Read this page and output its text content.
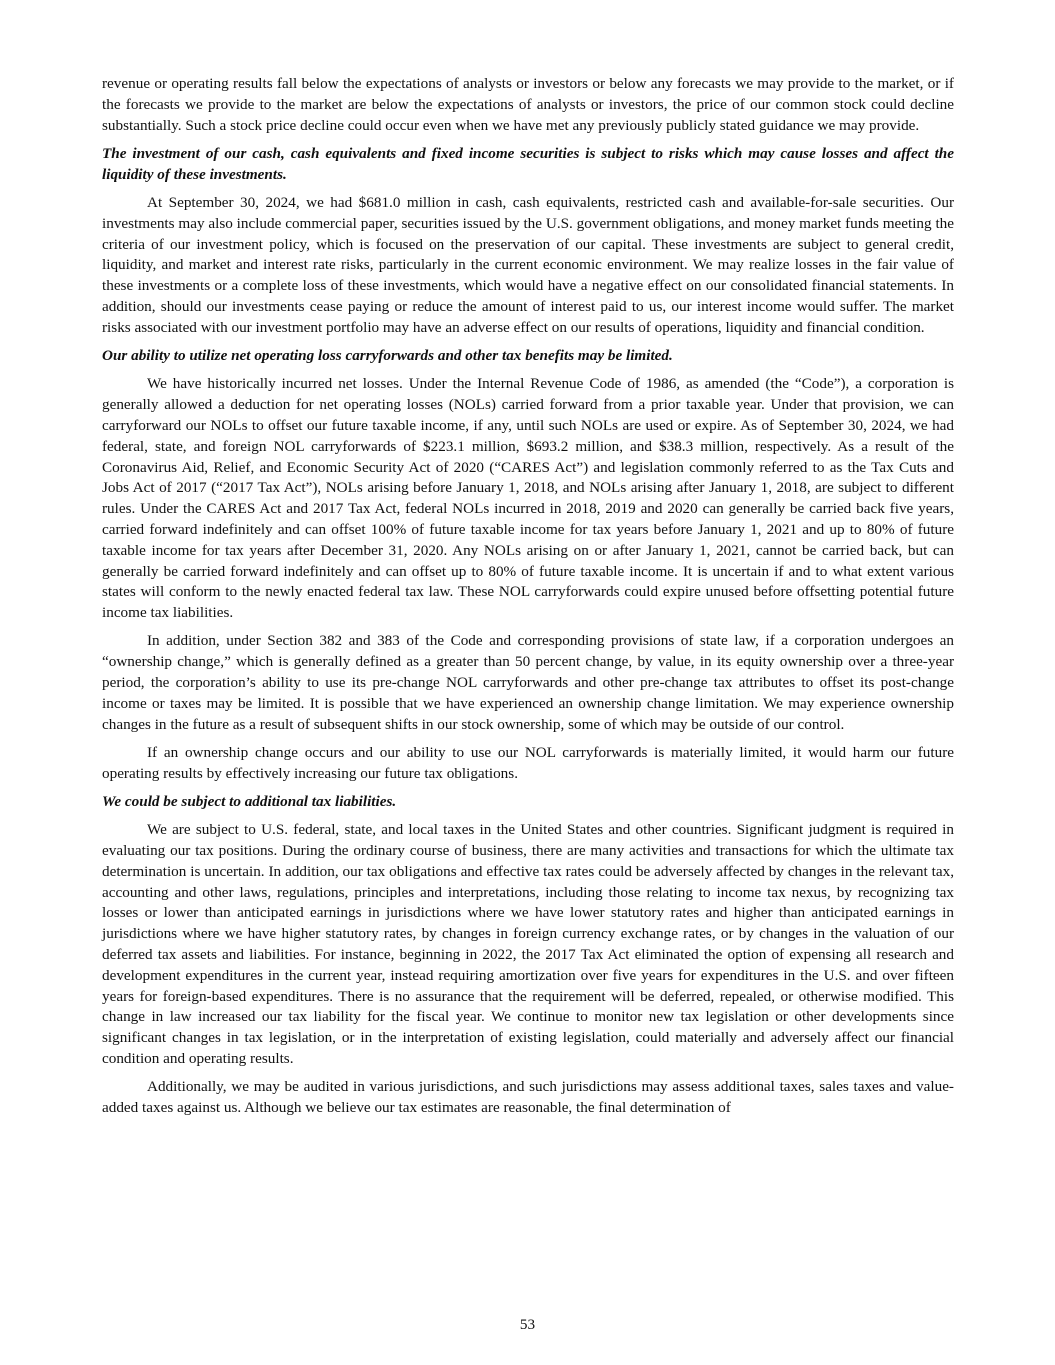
revenue or operating results fall below the expectations of analysts or investors or below any forecasts we may provide to the market, or if the forecasts we provide to the market are below the expectations of analysts or investors, the price of our common stock could decline substantially. Such a stock price decline could occur even when we have met any previously publicly stated guidance we may provide.

The investment of our cash, cash equivalents and fixed income securities is subject to risks which may cause losses and affect the liquidity of these investments.

At September 30, 2024, we had $681.0 million in cash, cash equivalents, restricted cash and available-for-sale securities. Our investments may also include commercial paper, securities issued by the U.S. government obligations, and money market funds meeting the criteria of our investment policy, which is focused on the preservation of our capital. These investments are subject to general credit, liquidity, and market and interest rate risks, particularly in the current economic environment. We may realize losses in the fair value of these investments or a complete loss of these investments, which would have a negative effect on our consolidated financial statements. In addition, should our investments cease paying or reduce the amount of interest paid to us, our interest income would suffer. The market risks associated with our investment portfolio may have an adverse effect on our results of operations, liquidity and financial condition.

Our ability to utilize net operating loss carryforwards and other tax benefits may be limited.

We have historically incurred net losses. Under the Internal Revenue Code of 1986, as amended (the “Code”), a corporation is generally allowed a deduction for net operating losses (NOLs) carried forward from a prior taxable year. Under that provision, we can carryforward our NOLs to offset our future taxable income, if any, until such NOLs are used or expire. As of September 30, 2024, we had federal, state, and foreign NOL carryforwards of $223.1 million, $693.2 million, and $38.3 million, respectively. As a result of the Coronavirus Aid, Relief, and Economic Security Act of 2020 (“CARES Act”) and legislation commonly referred to as the Tax Cuts and Jobs Act of 2017 (“2017 Tax Act”), NOLs arising before January 1, 2018, and NOLs arising after January 1, 2018, are subject to different rules. Under the CARES Act and 2017 Tax Act, federal NOLs incurred in 2018, 2019 and 2020 can generally be carried back five years, carried forward indefinitely and can offset 100% of future taxable income for tax years before January 1, 2021 and up to 80% of future taxable income for tax years after December 31, 2020. Any NOLs arising on or after January 1, 2021, cannot be carried back, but can generally be carried forward indefinitely and can offset up to 80% of future taxable income. It is uncertain if and to what extent various states will conform to the newly enacted federal tax law. These NOL carryforwards could expire unused before offsetting potential future income tax liabilities.

In addition, under Section 382 and 383 of the Code and corresponding provisions of state law, if a corporation undergoes an “ownership change,” which is generally defined as a greater than 50 percent change, by value, in its equity ownership over a three-year period, the corporation’s ability to use its pre-change NOL carryforwards and other pre-change tax attributes to offset its post-change income or taxes may be limited. It is possible that we have experienced an ownership change limitation. We may experience ownership changes in the future as a result of subsequent shifts in our stock ownership, some of which may be outside of our control.

If an ownership change occurs and our ability to use our NOL carryforwards is materially limited, it would harm our future operating results by effectively increasing our future tax obligations.

We could be subject to additional tax liabilities.

We are subject to U.S. federal, state, and local taxes in the United States and other countries. Significant judgment is required in evaluating our tax positions. During the ordinary course of business, there are many activities and transactions for which the ultimate tax determination is uncertain. In addition, our tax obligations and effective tax rates could be adversely affected by changes in the relevant tax, accounting and other laws, regulations, principles and interpretations, including those relating to income tax nexus, by recognizing tax losses or lower than anticipated earnings in jurisdictions where we have lower statutory rates and higher than anticipated earnings in jurisdictions where we have higher statutory rates, by changes in foreign currency exchange rates, or by changes in the valuation of our deferred tax assets and liabilities. For instance, beginning in 2022, the 2017 Tax Act eliminated the option of expensing all research and development expenditures in the current year, instead requiring amortization over five years for expenditures in the U.S. and over fifteen years for foreign-based expenditures. There is no assurance that the requirement will be deferred, repealed, or otherwise modified. This change in law increased our tax liability for the fiscal year. We continue to monitor new tax legislation or other developments since significant changes in tax legislation, or in the interpretation of existing legislation, could materially and adversely affect our financial condition and operating results.

Additionally, we may be audited in various jurisdictions, and such jurisdictions may assess additional taxes, sales taxes and value-added taxes against us. Although we believe our tax estimates are reasonable, the final determination of

53
